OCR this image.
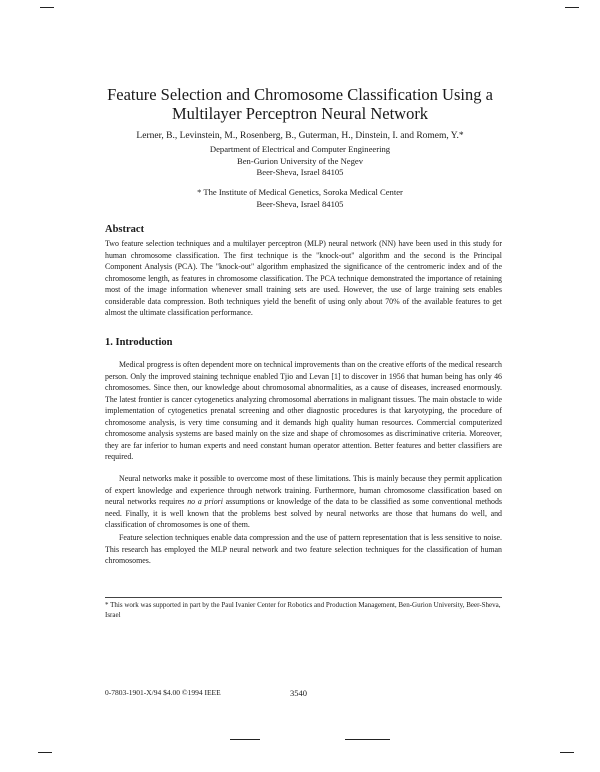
Feature Selection and Chromosome Classification Using a
Multilayer Perceptron Neural Network
Lerner, B., Levinstein, M., Rosenberg, B., Guterman, H., Dinstein, I. and Romem, Y.*
Department of Electrical and Computer Engineering
Ben-Gurion University of the Negev
Beer-Sheva, Israel 84105
* The Institute of Medical Genetics, Soroka Medical Center
Beer-Sheva, Israel 84105
Abstract

Two feature selection techniques and a multilayer perceptron (MLP) neural network (NN) have been used in this study for human chromosome classification. The first technique is the "knock-out" algorithm and the second is the Principal Component Analysis (PCA). The "knock-out" algorithm emphasized the significance of the centromeric index and of the chromosome length, as features in chromosome classification. The PCA technique demonstrated the importance of retaining most of the image information whenever small training sets are used. However, the use of large training sets enables considerable data compression. Both techniques yield the benefit of using only about 70% of the available features to get almost the ultimate classification performance.

1. Introduction

Medical progress is often dependent more on technical improvements than on the creative efforts of the medical research person. Only the improved staining technique enabled Tjio and Levan [1] to discover in 1956 that human being has only 46 chromosomes. Since then, our knowledge about chromosomal abnormalities, as a cause of diseases, increased enormously. The latest frontier is cancer cytogenetics analyzing chromosomal aberrations in malignant tissues. The main obstacle to wide implementation of cytogenetics prenatal screening and other diagnostic procedures is that karyotyping, the procedure of chromosome analysis, is very time consuming and it demands high quality human resources. Commercial computerized chromosome analysis systems are based mainly on the size and shape of chromosomes as discriminative criteria. Moreover, they are far inferior to human experts and need constant human operator attention. Better features and better classifiers are required.

Neural networks make it possible to overcome most of these limitations. This is mainly because they permit application of expert knowledge and experience through network training. Furthermore, human chromosome classification based on neural networks requires no a priori assumptions or knowledge of the data to be classified as some conventional methods need. Finally, it is well known that the problems best solved by neural networks are those that humans do well, and classification of chromosomes is one of them.

Feature selection techniques enable data compression and the use of pattern representation that is less sensitive to noise. This research has employed the MLP neural network and two feature selection techniques for the classification of human chromosomes.

* This work was supported in part by the Paul Ivanier Center for Robotics and Production Management, Ben-Gurion University, Beer-Sheva, Israel
0-7803-1901-X/94 $4.00 ©1994 IEEE	3540
